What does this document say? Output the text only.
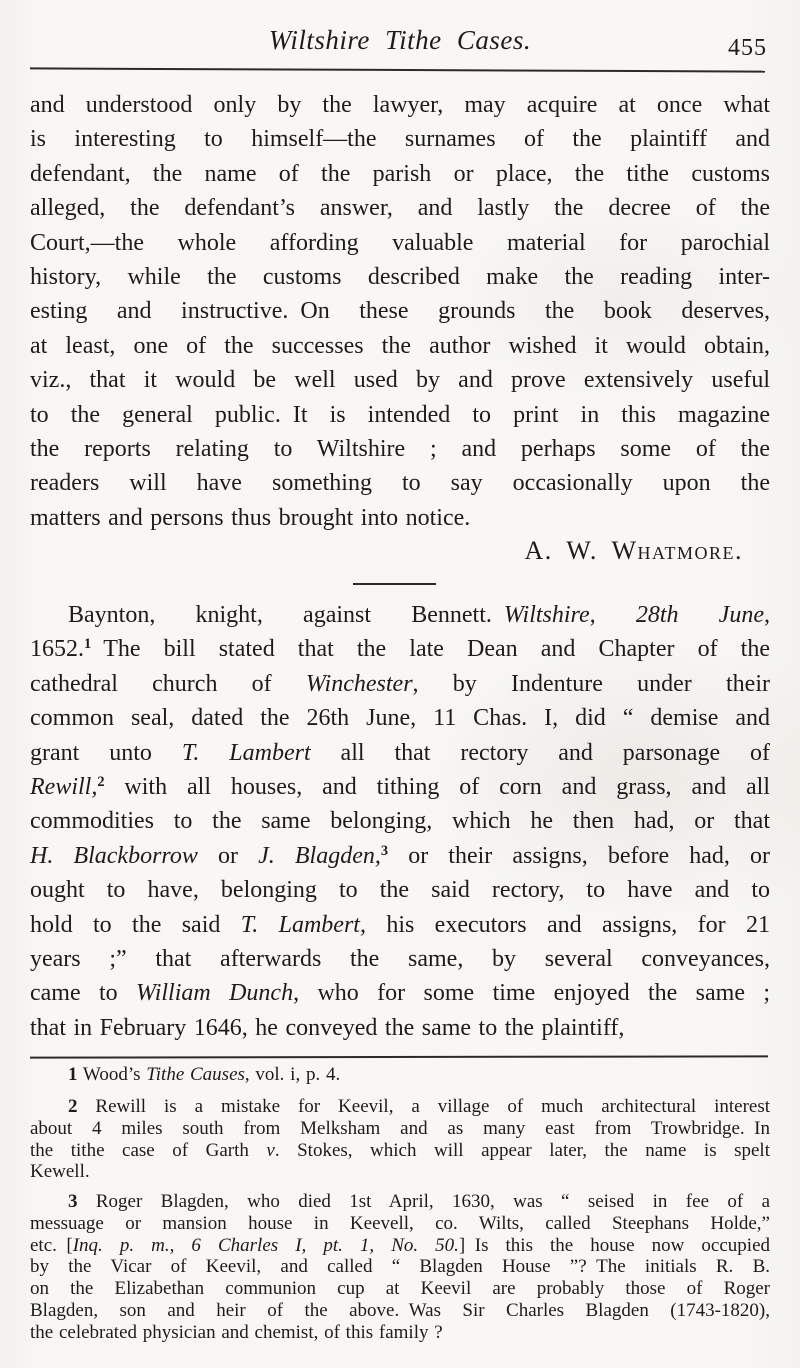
Wiltshire Tithe Cases.	455
and understood only by the lawyer, may acquire at once what
is interesting to himself—the surnames of the plaintiff and
defendant, the name of the parish or place, the tithe customs
alleged, the defendant’s answer, and lastly the decree of the
Court,—the whole affording valuable material for parochial
history, while the customs described make the reading inter-
esting and instructive. On these grounds the book deserves,
at least, one of the successes the author wished it would obtain,
viz., that it would be well used by and prove extensively useful
to the general public. It is intended to print in this magazine
the reports relating to Wiltshire ; and perhaps some of the
readers will have something to say occasionally upon the
matters and persons thus brought into notice.
A. W. Whatmore.
Baynton, knight, against Bennett. Wiltshire, 28th June,
1652.$^1$ The bill stated that the late Dean and Chapter of the
cathedral church of Winchester, by Indenture under their
common seal, dated the 26th June, 11 Chas. I, did “ demise and
grant unto T. Lambert all that rectory and parsonage of
Rewill,$^2$ with all houses, and tithing of corn and grass, and all
commodities to the same belonging, which he then had, or that
H. Blackborrow or J. Blagden,$^3$ or their assigns, before had, or
ought to have, belonging to the said rectory, to have and to
hold to the said T. Lambert, his executors and assigns, for 21
years ;” that afterwards the same, by several conveyances,
came to William Dunch, who for some time enjoyed the same ;
that in February 1646, he conveyed the same to the plaintiff,
1 Wood’s Tithe Causes, vol. i, p. 4.
2 Rewill is a mistake for Keevil, a village of much architectural interest
about 4 miles south from Melksham and as many east from Trowbridge. In
the tithe case of Garth v. Stokes, which will appear later, the name is spelt
Kewell.
3 Roger Blagden, who died 1st April, 1630, was “ seised in fee of a
messuage or mansion house in Keevell, co. Wilts, called Steephans Holde,”
etc. [Inq. p. m., 6 Charles I, pt. 1, No. 50.] Is this the house now occupied
by the Vicar of Keevil, and called “ Blagden House ”? The initials R. B.
on the Elizabethan communion cup at Keevil are probably those of Roger
Blagden, son and heir of the above. Was Sir Charles Blagden (1743-1820),
the celebrated physician and chemist, of this family ?
